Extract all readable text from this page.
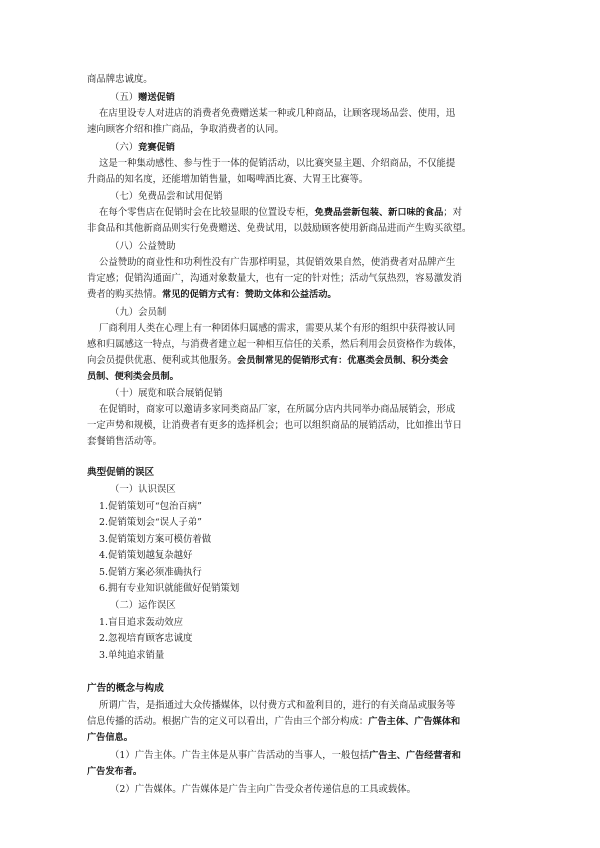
商品牌忠诚度。
（五）赠送促销
在店里设专人对进店的消费者免费赠送某一种或几种商品，让顾客现场品尝、使用，迅
速向顾客介绍和推广商品，争取消费者的认同。
（六）竞赛促销
这是一种集动感性、参与性于一体的促销活动，以比赛突显主题、介绍商品，不仅能提
升商品的知名度，还能增加销售量，如喝啤酒比赛、大胃王比赛等。
（七）免费品尝和试用促销
在每个零售店在促销时会在比较显眼的位置设专柜，免费品尝新包装、新口味的食品；对
非食品和其他新商品则实行免费赠送、免费试用，以鼓励顾客使用新商品进而产生购买欲望。
（八）公益赞助
公益赞助的商业性和功利性没有广告那样明显，其促销效果自然，使消费者对品牌产生
肯定感；促销沟通面广，沟通对象数量大，也有一定的针对性；活动气氛热烈，容易激发消
费者的购买热情。常见的促销方式有：赞助文体和公益活动。
（九）会员制
厂商利用人类在心理上有一种团体归属感的需求，需要从某个有形的组织中获得被认同
感和归属感这一特点，与消费者建立起一种相互信任的关系，然后利用会员资格作为载体，
向会员提供优惠、便利或其他服务。会员制常见的促销形式有：优惠类会员制、积分类会
员制、便利类会员制。
（十）展览和联合展销促销
在促销时，商家可以邀请多家同类商品厂家，在所属分店内共同举办商品展销会，形成
一定声势和规模，让消费者有更多的选择机会；也可以组织商品的展销活动，比如推出节日
套餐销售活动等。
典型促销的误区
（一）认识误区
1.促销策划可“包治百病”
2.促销策划会“误人子弟”
3.促销策划方案可模仿着做
4.促销策划越复杂越好
5.促销方案必须准确执行
6.拥有专业知识就能做好促销策划
（二）运作误区
1.盲目追求轰动效应
2.忽视培育顾客忠诚度
3.单纯追求销量
广告的概念与构成
所谓广告，是指通过大众传播媒体，以付费方式和盈利目的，进行的有关商品或服务等
信息传播的活动。根据广告的定义可以看出，广告由三个部分构成：广告主体、广告媒体和
广告信息。
（1）广告主体。广告主体是从事广告活动的当事人，一般包括广告主、广告经营者和
广告发布者。
（2）广告媒体。广告媒体是广告主向广告受众者传递信息的工具或载体。
